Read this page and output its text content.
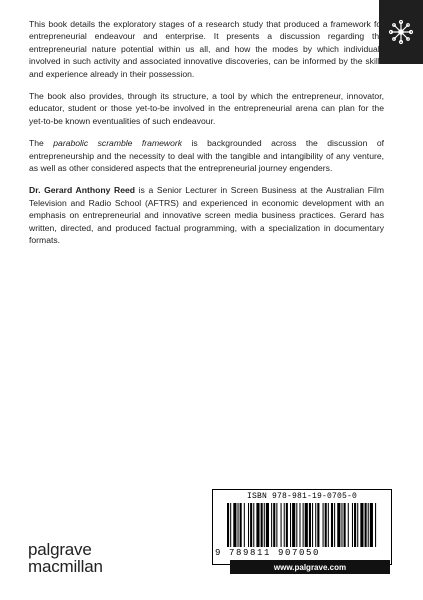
This book details the exploratory stages of a research study that produced a framework for entrepreneurial endeavour and enterprise. It presents a discussion regarding the entrepreneurial nature potential within us all, and how the modes by which individuals involved in such activity and associated innovative discoveries, can be informed by the skills and experience already in their possession.

The book also provides, through its structure, a tool by which the entrepreneur, innovator, educator, student or those yet-to-be involved in the entrepreneurial arena can plan for the yet-to-be known eventualities of such endeavour.

The parabolic scramble framework is backgrounded across the discussion of entrepreneurship and the necessity to deal with the tangible and intangibility of any venture, as well as other considered aspects that the entrepreneurial journey engenders.

Dr. Gerard Anthony Reed is a Senior Lecturer in Screen Business at the Australian Film Television and Radio School (AFTRS) and experienced in economic development with an emphasis on entrepreneurial and innovative screen media business practices. Gerard has written, directed, and produced factual programming, with a specialization in documentary formats.

ISBN 978-981-19-0705-0
9 789811 907050
www.palgrave.com
palgrave
macmillan
